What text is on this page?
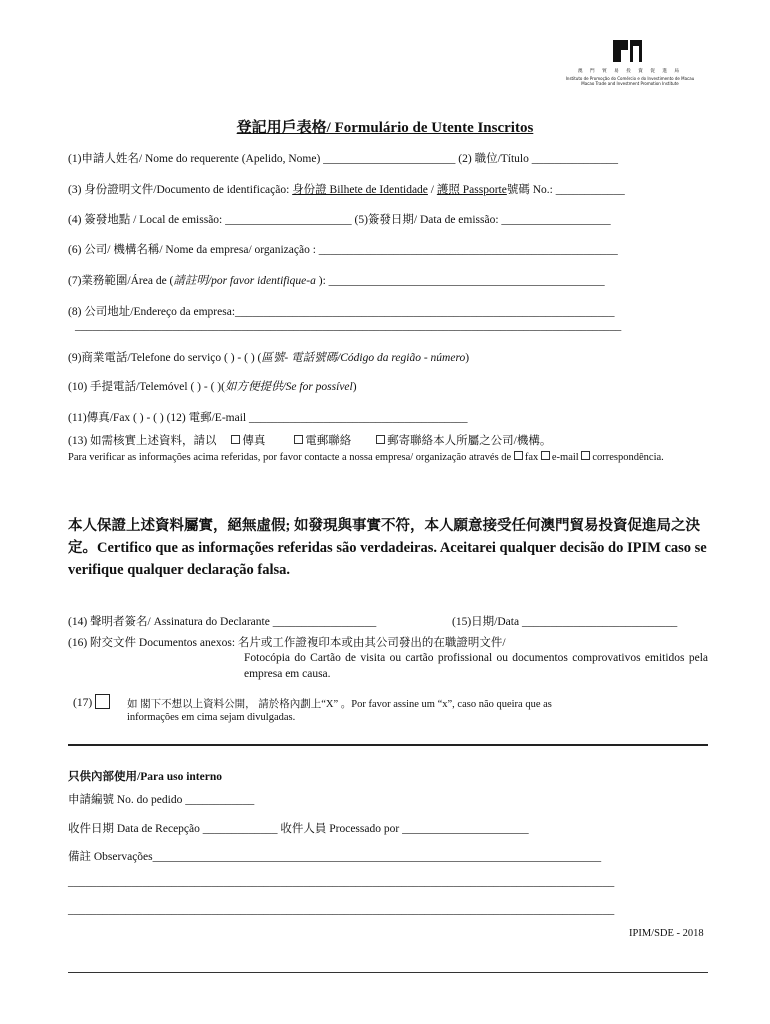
澳 門 貿 易 投 資 促 進 局
Instituto de Promoção do Comércio e do Investimento de Macau
Macao Trade and Investment Promotion Institute
登記用戶表格/ Formulário de Utente Inscritos
(1)申請人姓名/ Nome do requerente (Apelido, Nome) _______________________ (2) 職位/Título _______________
(3) 身份證明文件/Documento de identificação: 身份證 Bilhete de Identidade / 護照 Passporte號碼 No.: ____________
(4) 簽發地點 / Local de emissão: ______________________ (5)簽發日期/ Data de emissão: ___________________
(6) 公司/ 機構名稱/ Nome da empresa/ organização : ____________________________________________________
(7)業務範圍/Área de (請註明/por favor identifique-a ): ________________________________________________
(8) 公司地址/Endereço da empresa:__________________________________________________________________
_______________________________________________________________________________________________
(9)商業電話/Telefone do serviço ( ) - ( ) (區號- 電話號碼/Código da região - número)
(10) 手提電話/Telemóvel ( ) - ( )(如方便提供/Se for possível)
(11)傳真/Fax ( ) - ( ) (12) 電郵/E-mail ______________________________________
(13) 如需核實上述資料，請以 傳真	電郵聯絡	郵寄聯絡本人所屬之公司/機構。
Para verificar as informações acima referidas, por favor contacte a nossa empresa/ organização através de fax e-mail correspondência.
本人保證上述資料屬實，絕無虛假; 如發現與事實不符，本人願意接受任何澳門貿易投資促進局之決定。Certifico que as informações referidas são verdadeiras. Aceitarei qualquer decisão do IPIM caso se verifique qualquer declaração falsa.
(14) 聲明者簽名/ Assinatura do Declarante __________________	(15)日期/Data ___________________________
(16) 附交文件 Documentos anexos: 名片或工作證複印本或由其公司發出的在職證明文件/
Fotocópia do Cartão de visita ou cartão profissional ou documentos comprovativos emitidos pela empresa em causa.
(17)	如 閣下不想以上資料公開， 請於格內劃上“X” 。Por favor assine um “x”, caso não queira que as
informações em cima sejam divulgadas.
只供內部使用/Para uso interno
申請編號 No. do pedido ____________
收件日期 Data de Recepção _____________ 收件人員 Processado por ______________________
備註 Observações______________________________________________________________________________
_______________________________________________________________________________________________
_______________________________________________________________________________________________
IPIM/SDE - 2018
